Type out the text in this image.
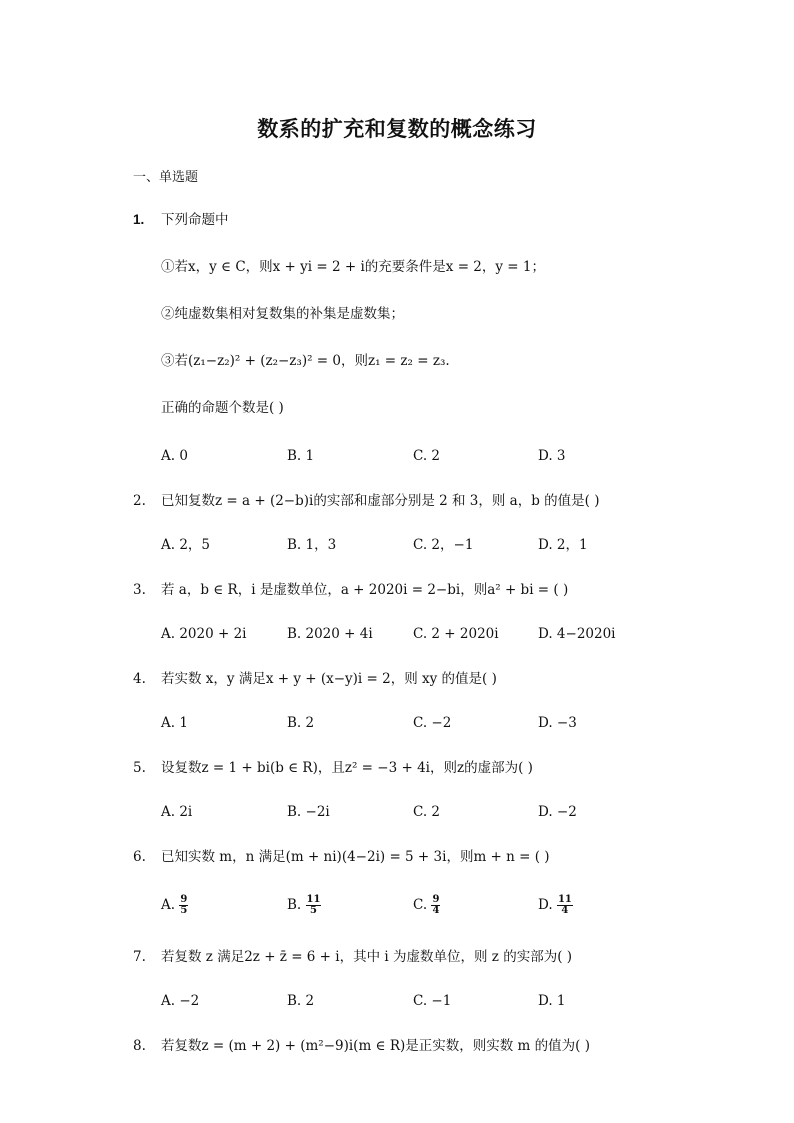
数系的扩充和复数的概念练习
一、单选题
1.	下列命题中
①若x，y ∈ C，则x + yi = 2 + i的充要条件是x = 2，y = 1；
②纯虚数集相对复数集的补集是虚数集；
③若(z₁−z₂)² + (z₂−z₃)² = 0，则z₁ = z₂ = z₃.
正确的命题个数是( )
A. 0	B. 1	C. 2	D. 3
2.	已知复数z = a + (2−b)i的实部和虚部分别是 2 和 3，则 a，b 的值是( )
A. 2，5	B. 1，3	C. 2，−1	D. 2，1
3.	若 a，b ∈ R，i 是虚数单位，a + 2020i = 2−bi，则a² + bi = ( )
A. 2020 + 2i	B. 2020 + 4i	C. 2 + 2020i	D. 4−2020i
4.	若实数 x，y 满足x + y + (x−y)i = 2，则 xy 的值是( )
A. 1	B. 2	C. −2	D. −3
5.	设复数z = 1 + bi(b ∈ R)，且z² = −3 + 4i，则z的虚部为( )
A. 2i	B. −2i	C. 2	D. −2
6.	已知实数 m，n 满足(m + ni)(4−2i) = 5 + 3i，则m + n = ( )
A. $\frac{9}{5}$	B. $\frac{11}{5}$	C. $\frac{9}{4}$	D. $\frac{11}{4}$
7.	若复数 z 满足2z + z̄ = 6 + i，其中 i 为虚数单位，则 z 的实部为( )
A. −2	B. 2	C. −1	D. 1
8.	若复数z = (m + 2) + (m²−9)i(m ∈ R)是正实数，则实数 m 的值为( )
